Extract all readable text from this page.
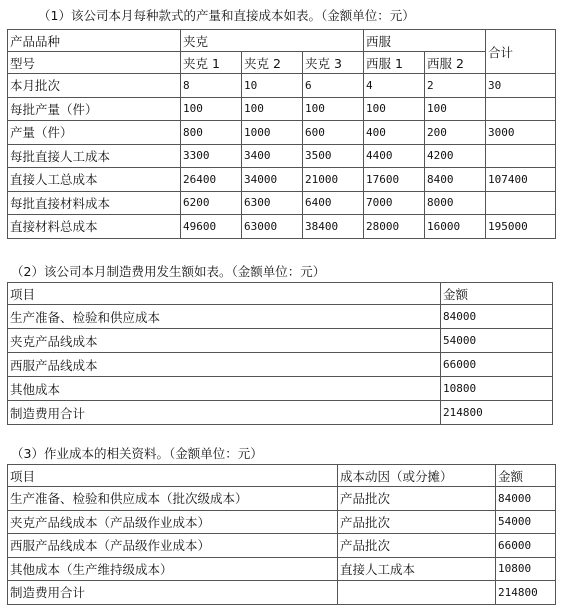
（1）该公司本月每种款式的产量和直接成本如表。（金额单位：元）
产品品种	夹克			西服		合计
型号	夹克 1	夹克 2	夹克 3	西服 1	西服 2	
本月批次	8	10	6	4	2	30
每批产量（件）	100	100	100	100	100	
产量（件）	800	1000	600	400	200	3000
每批直接人工成本	3300	3400	3500	4400	4200	
直接人工总成本	26400	34000	21000	17600	8400	107400
每批直接材料成本	6200	6300	6400	7000	8000	
直接材料总成本	49600	63000	38400	28000	16000	195000
（2）该公司本月制造费用发生额如表。（金额单位：元）
项目	金额
生产准备、检验和供应成本	84000
夹克产品线成本	54000
西服产品线成本	66000
其他成本	10800
制造费用合计	214800
（3）作业成本的相关资料。（金额单位：元）
项目	成本动因（或分摊）	金额
生产准备、检验和供应成本（批次级成本）	产品批次	84000
夹克产品线成本（产品级作业成本）	产品批次	54000
西服产品线成本（产品级作业成本）	产品批次	66000
其他成本（生产维持级成本）	直接人工成本	10800
制造费用合计		214800
